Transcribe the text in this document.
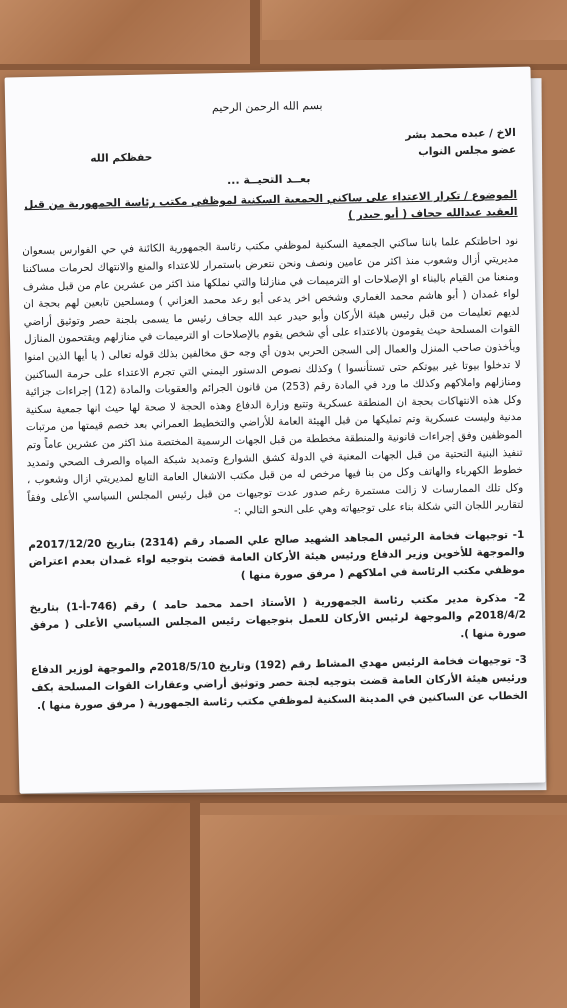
بسم الله الرحمن الرحيم
الاخ / عبده محمد بشر
عضو مجلس النواب
حفظكم الله
بعــد التحيــة ...
الموضوع / تكرار الاعتداء على ساكني الجمعية السكنية لموظفي مكتب رئاسة الجمهورية من قبل العقيد عبدالله جحاف ( أبو حيدر )

نود احاطتكم علما باننا ساكني الجمعية السكنية لموظفي مكتب رئاسة الجمهورية الكائنة في حي الفوارس بسعوان مديريتي أزال وشعوب منذ اكثر من عامين ونصف ونحن نتعرض باستمرار للاعتداء والمنع والانتهاك لحرمات مساكننا ومنعنا من القيام بالبناء او الإصلاحات او الترميمات في منازلنا والتي نملكها منذ اكثر من عشرين عام من قبل مشرف لواء غمدان ( أبو هاشم محمد الغماري وشخص اخر يدعى أبو رعد محمد العزاني ) ومسلحين تابعين لهم بحجة ان لديهم تعليمات من قبل رئيس هيئة الأركان وأبو حيدر عبد الله جحاف رئيس ما يسمى بلجنة حصر وتوثيق أراضي القوات المسلحة حيث يقومون بالاعتداء على أي شخص يقوم بالإصلاحات او الترميمات في منازلهم ويقتحمون المنازل ويأخذون صاحب المنزل والعمال إلى السجن الحربي بدون أي وجه حق مخالفين بذلك قوله تعالى ( يا أيها الذين امنوا لا تدخلوا بيوتا غير بيوتكم حتى تستأنسوا ) وكذلك نصوص الدستور اليمني التي تجرم الاعتداء على حرمة الساكنين ومنازلهم واملاكهم وكذلك ما ورد في المادة رقم (253) من قانون الجرائم والعقوبات والمادة (12) إجراءات جزائية وكل هذه الانتهاكات بحجة ان المنطقة عسكرية وتتبع وزارة الدفاع وهذه الحجة لا صحة لها حيث انها جمعية سكنية مدنية وليست عسكرية وتم تمليكها من قبل الهيئة العامة للأراضي والتخطيط العمراني بعد خصم قيمتها من مرتبات الموظفين وفق إجراءات قانونية والمنطقة مخططة من قبل الجهات الرسمية المختصة منذ اكثر من عشرين عاماً وتم تنفيذ البنية التحتية من قبل الجهات المعنية في الدولة كشق الشوارع وتمديد شبكة المياه والصرف الصحي وتمديد خطوط الكهرباء والهاتف وكل من بنا فيها مرخص له من قبل مكتب الاشغال العامة التابع لمديريتي ازال وشعوب ، وكل تلك الممارسات لا زالت مستمرة رغم صدور عدت توجيهات من قبل رئيس المجلس السياسي الأعلى وفقاً لتقارير اللجان التي شكلة بناء على توجيهاته وهي على النحو التالي :-

1- توجيهات فخامة الرئيس المجاهد الشهيد صالح علي الصماد رقم (2314) بتاريخ 2017/12/20م والموجهة للأخوين وزير الدفاع ورئيس هيئة الأركان العامة قضت بتوجيه لواء غمدان بعدم اعتراض موظفي مكتب الرئاسة في املاكهم ( مرفق صورة منها )

2- مذكرة مدير مكتب رئاسة الجمهورية ( الأستاذ احمد محمد حامد ) رقم (746-أ-1) بتاريخ 2018/4/2م والموجهة لرئيس الأركان للعمل بتوجيهات رئيس المجلس السياسي الأعلى ( مرفق صورة منها ).

3- توجيهات فخامة الرئيس مهدي المشاط رقم (192) وتاريخ 2018/5/10م والموجهة لوزير الدفاع ورئيس هيئة الأركان العامة قضت بتوجيه لجنة حصر وتوثيق أراضي وعقارات القوات المسلحة بكف الخطاب عن الساكنين في المدينة السكنية لموظفي مكتب رئاسة الجمهورية ( مرفق صورة منها ).
